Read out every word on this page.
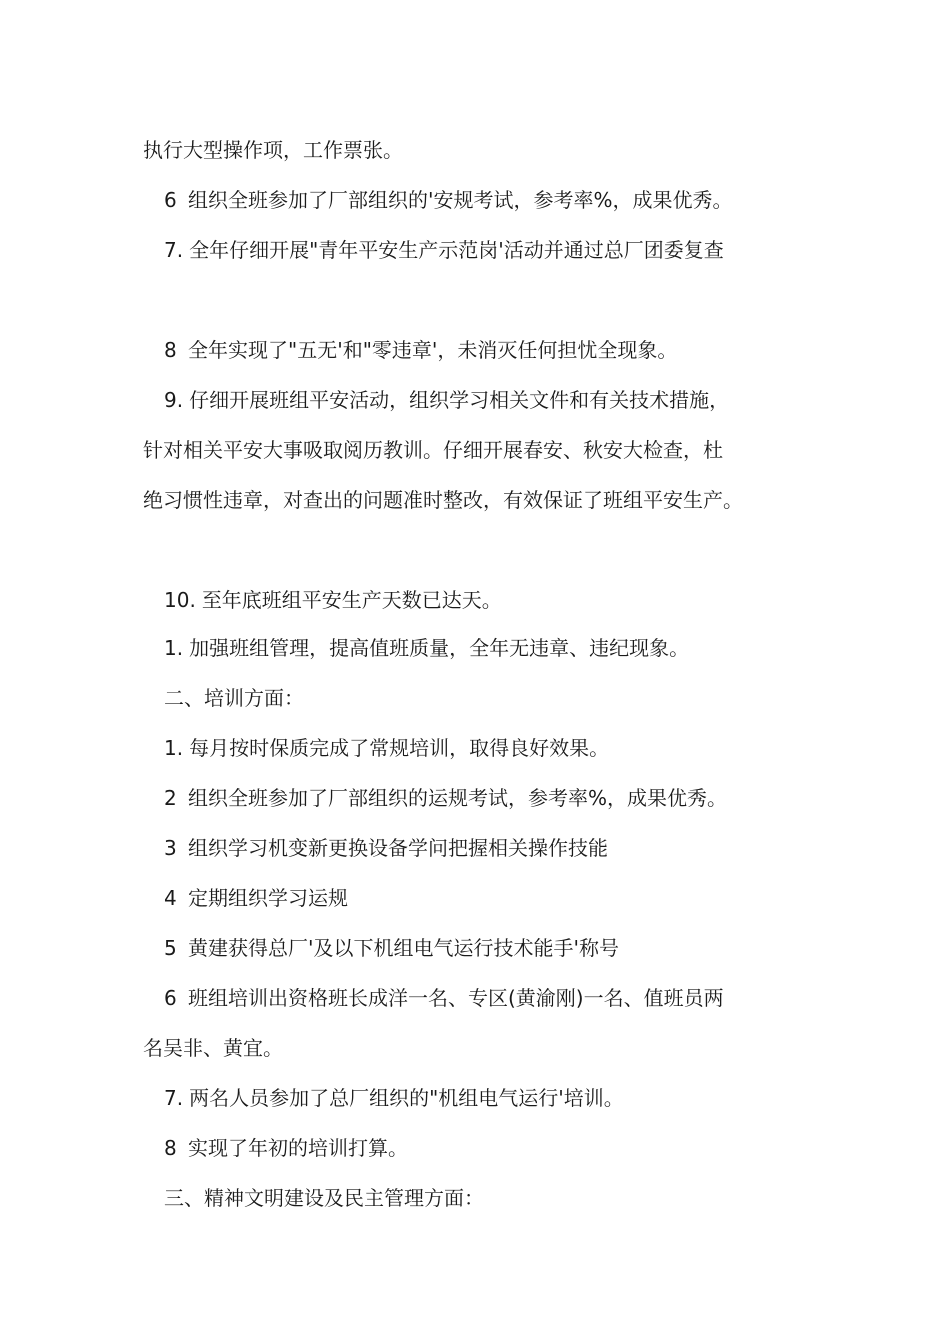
执行大型操作项，工作票张。
6 组织全班参加了厂部组织的'安规考试，参考率%，成果优秀。
7. 全年仔细开展"青年平安生产示范岗'活动并通过总厂团委复查
8 全年实现了"五无'和"零违章'，未消灭任何担忧全现象。
9. 仔细开展班组平安活动，组织学习相关文件和有关技术措施，
针对相关平安大事吸取阅历教训。仔细开展春安、秋安大检查，杜
绝习惯性违章，对查出的问题准时整改，有效保证了班组平安生产。
10. 至年底班组平安生产天数已达天。
1. 加强班组管理，提高值班质量，全年无违章、违纪现象。
二、培训方面：
1. 每月按时保质完成了常规培训，取得良好效果。
2 组织全班参加了厂部组织的运规考试，参考率%，成果优秀。
3 组织学习机变新更换设备学问把握相关操作技能
4 定期组织学习运规
5 黄建获得总厂'及以下机组电气运行技术能手'称号
6 班组培训出资格班长成洋一名、专区(黄渝刚)一名、值班员两
名吴非、黄宜。
7. 两名人员参加了总厂组织的"机组电气运行'培训。
8 实现了年初的培训打算。
三、精神文明建设及民主管理方面：
